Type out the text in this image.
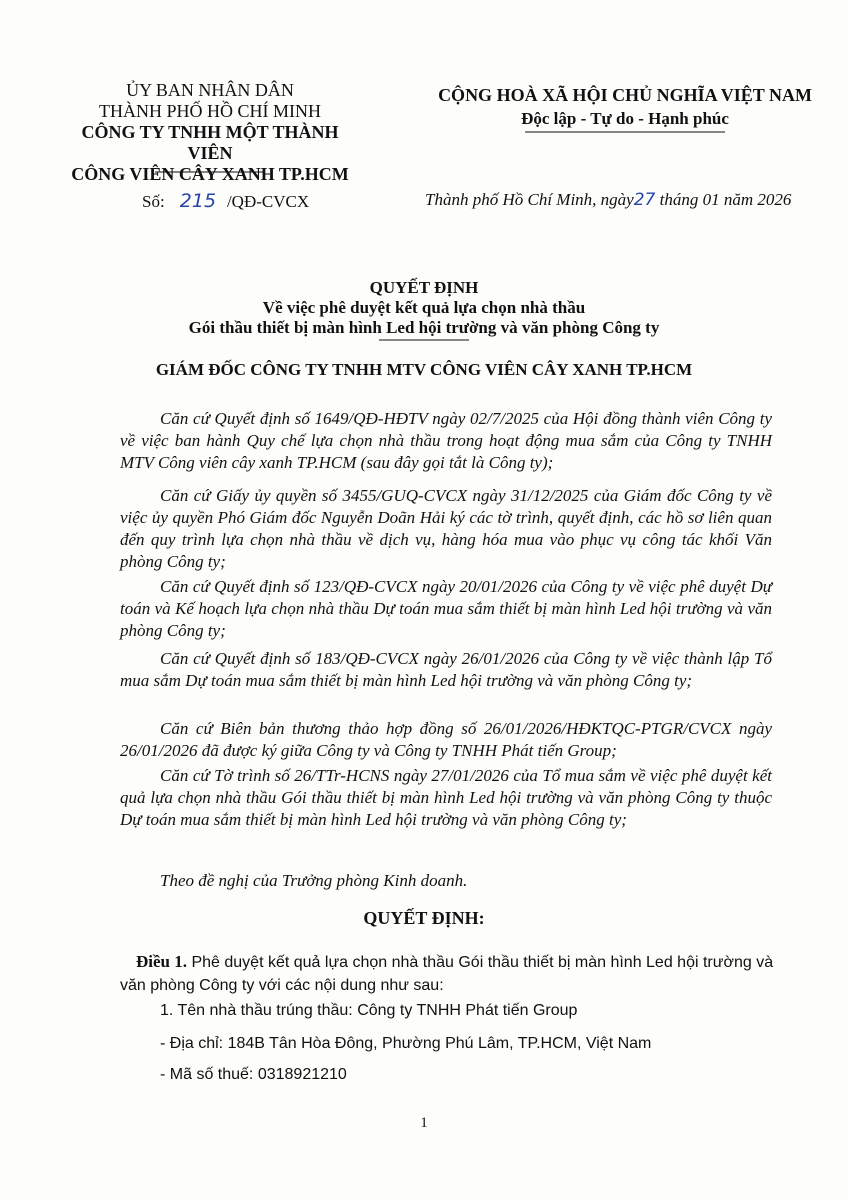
ỦY BAN NHÂN DÂN
THÀNH PHỐ HỒ CHÍ MINH
CÔNG TY TNHH MỘT THÀNH VIÊN
CÔNG VIÊN CÂY XANH TP.HCM
CỘNG HOÀ XÃ HỘI CHỦ NGHĨA VIỆT NAM
Độc lập - Tự do - Hạnh phúc
Số: 215 /QĐ-CVCX	Thành phố Hồ Chí Minh, ngày27 tháng 01 năm 2026
QUYẾT ĐỊNH
Về việc phê duyệt kết quả lựa chọn nhà thầu
Gói thầu thiết bị màn hình Led hội trường và văn phòng Công ty
GIÁM ĐỐC CÔNG TY TNHH MTV CÔNG VIÊN CÂY XANH TP.HCM
Căn cứ Quyết định số 1649/QĐ-HĐTV ngày 02/7/2025 của Hội đồng thành viên Công ty về việc ban hành Quy chế lựa chọn nhà thầu trong hoạt động mua sắm của Công ty TNHH MTV Công viên cây xanh TP.HCM (sau đây gọi tắt là Công ty);
Căn cứ Giấy ủy quyền số 3455/GUQ-CVCX ngày 31/12/2025 của Giám đốc Công ty về việc ủy quyền Phó Giám đốc Nguyễn Doãn Hải ký các tờ trình, quyết định, các hồ sơ liên quan đến quy trình lựa chọn nhà thầu về dịch vụ, hàng hóa mua vào phục vụ công tác khối Văn phòng Công ty;
Căn cứ Quyết định số 123/QĐ-CVCX ngày 20/01/2026 của Công ty về việc phê duyệt Dự toán và Kế hoạch lựa chọn nhà thầu Dự toán mua sắm thiết bị màn hình Led hội trường và văn phòng Công ty;
Căn cứ Quyết định số 183/QĐ-CVCX ngày 26/01/2026 của Công ty về việc thành lập Tổ mua sắm Dự toán mua sắm thiết bị màn hình Led hội trường và văn phòng Công ty;
Căn cứ Biên bản thương thảo hợp đồng số 26/01/2026/HĐKTQC-PTGR/CVCX ngày 26/01/2026 đã được ký giữa Công ty và Công ty TNHH Phát tiến Group;
Căn cứ Tờ trình số 26/TTr-HCNS ngày 27/01/2026 của Tổ mua sắm về việc phê duyệt kết quả lựa chọn nhà thầu Gói thầu thiết bị màn hình Led hội trường và văn phòng Công ty thuộc Dự toán mua sắm thiết bị màn hình Led hội trường và văn phòng Công ty;
Theo đề nghị của Trưởng phòng Kinh doanh.
QUYẾT ĐỊNH:
Điều 1. Phê duyệt kết quả lựa chọn nhà thầu Gói thầu thiết bị màn hình Led hội trường và văn phòng Công ty với các nội dung như sau:
1. Tên nhà thầu trúng thầu: Công ty TNHH Phát tiến Group
- Địa chỉ: 184B Tân Hòa Đông, Phường Phú Lâm, TP.HCM, Việt Nam
- Mã số thuế: 0318921210
1
